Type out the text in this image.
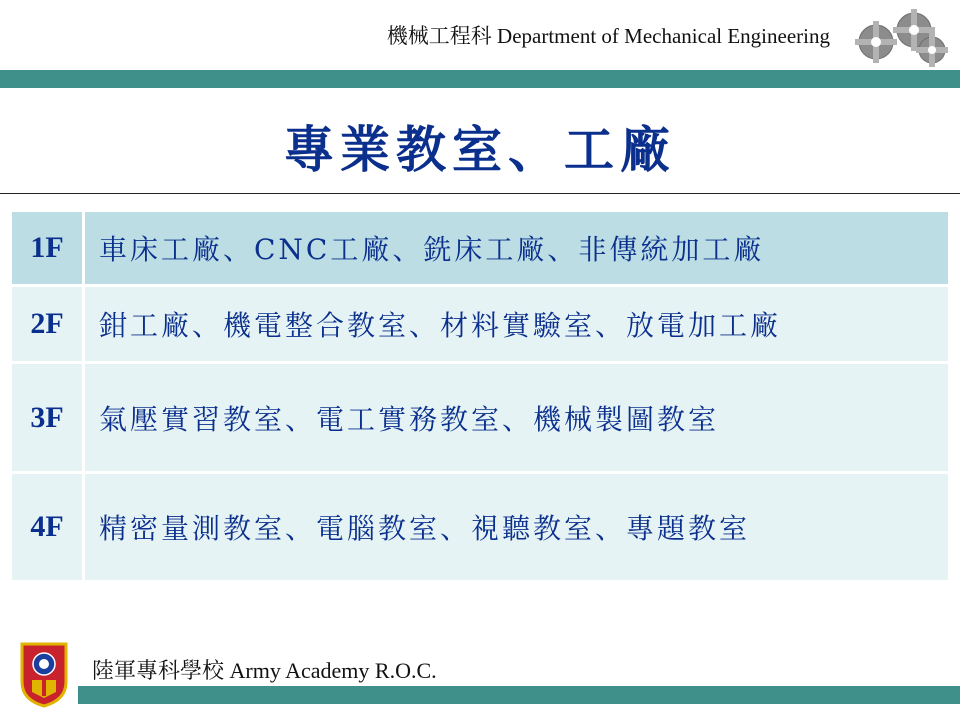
機械工程科 Department of Mechanical Engineering
專業教室、工廠
1F	車床工廠、CNC工廠、銑床工廠、非傳統加工廠
2F	鉗工廠、機電整合教室、材料實驗室、放電加工廠
3F	氣壓實習教室、電工實務教室、機械製圖教室
4F	精密量測教室、電腦教室、視聽教室、專題教室
陸軍專科學校 Army Academy R.O.C.
